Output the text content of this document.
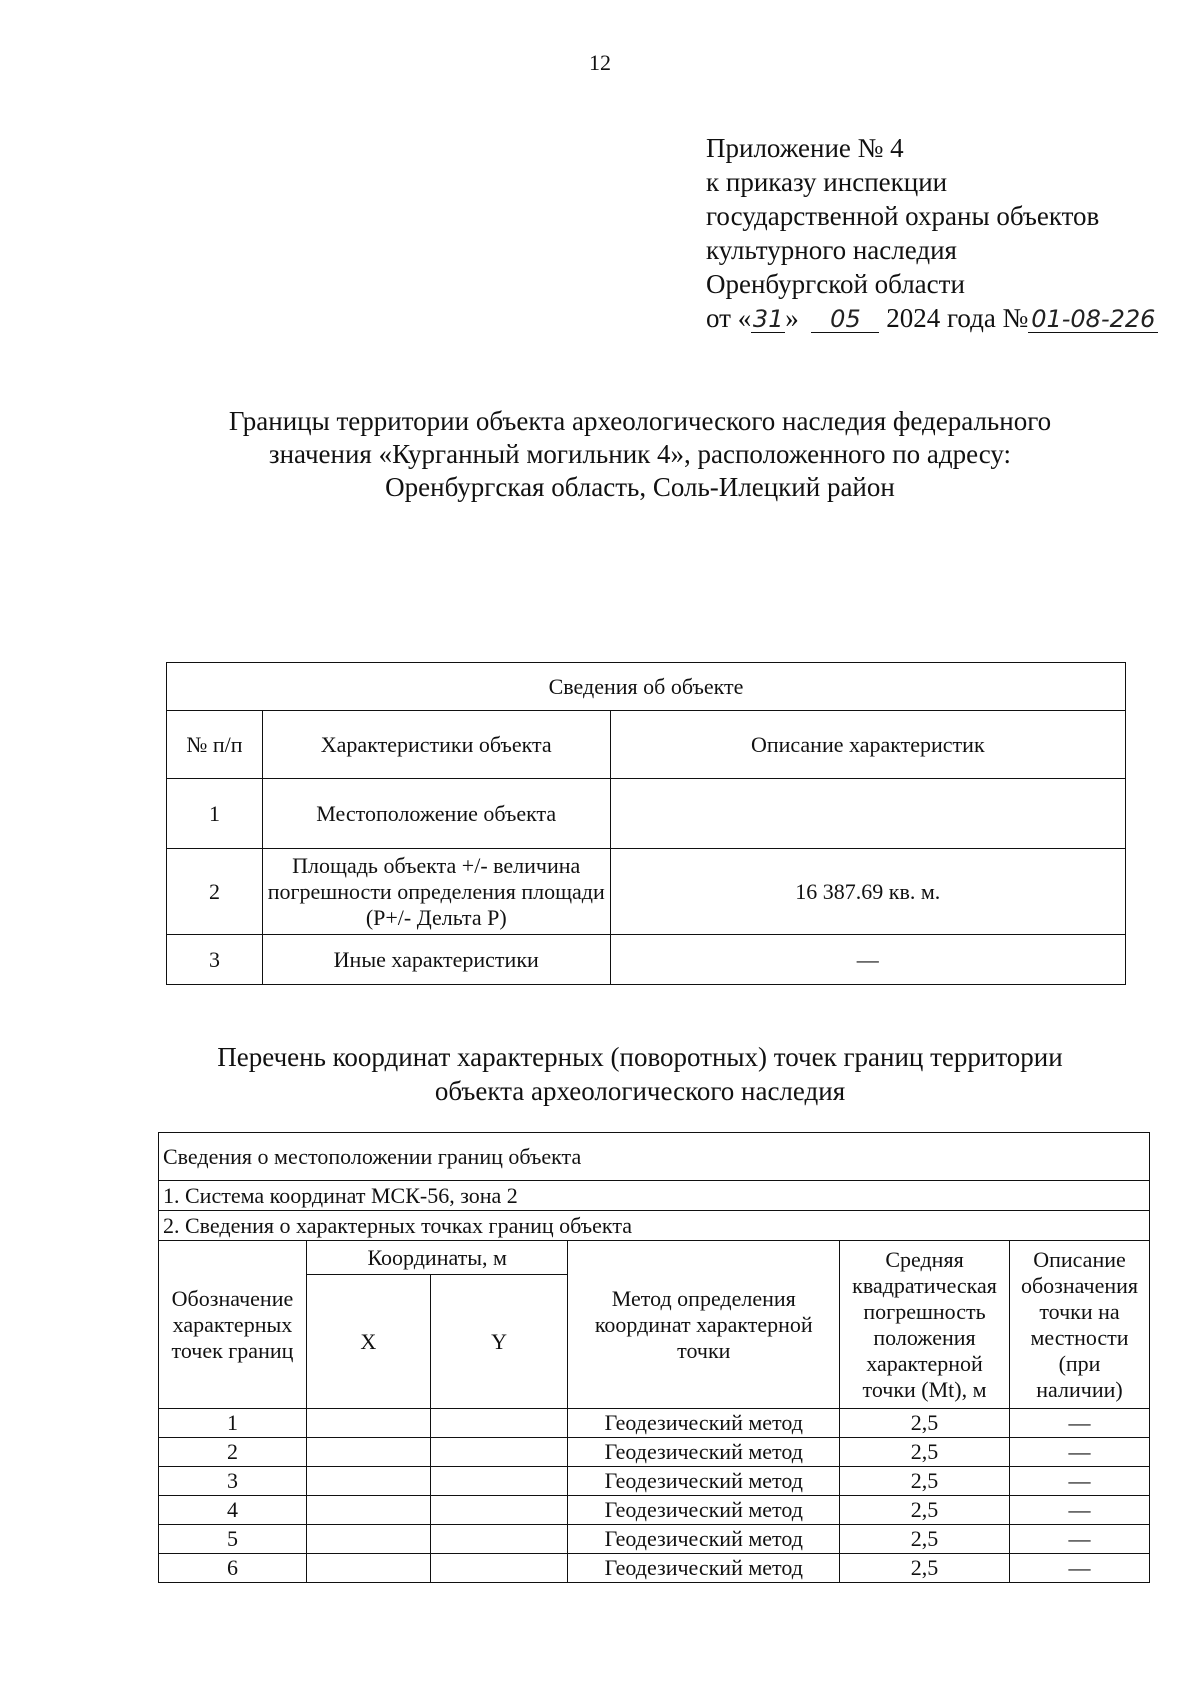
12
Приложение № 4
к приказу инспекции
государственной охраны объектов
культурного наследия
Оренбургской области
от «31» 05 2024 года № 01-08-226
Границы территории объекта археологического наследия федерального
значения «Курганный могильник 4», расположенного по адресу:
Оренбургская область, Соль-Илецкий район
Сведения об объекте		
№ п/п	Характеристики объекта	Описание характеристик
1	Местоположение объекта	
2	Площадь объекта +/- величина погрешности определения площади (P+/- Дельта P)	16 387.69 кв. м.
3	Иные характеристики	—
Перечень координат характерных (поворотных) точек границ территории
объекта археологического наследия
Сведения о местоположении границ объекта					
1. Система координат МСК-56, зона 2					
2. Сведения о характерных точках границ объекта					
Обозначение характерных точек границ	Координаты, м		Метод определения координат характерной точки	Средняя квадратическая погрешность положения характерной точки (Mt), м	Описание обозначения точки на местности (при наличии)
	X	Y			
1			Геодезический метод	2,5	—
2			Геодезический метод	2,5	—
3			Геодезический метод	2,5	—
4			Геодезический метод	2,5	—
5			Геодезический метод	2,5	—
6			Геодезический метод	2,5	—
